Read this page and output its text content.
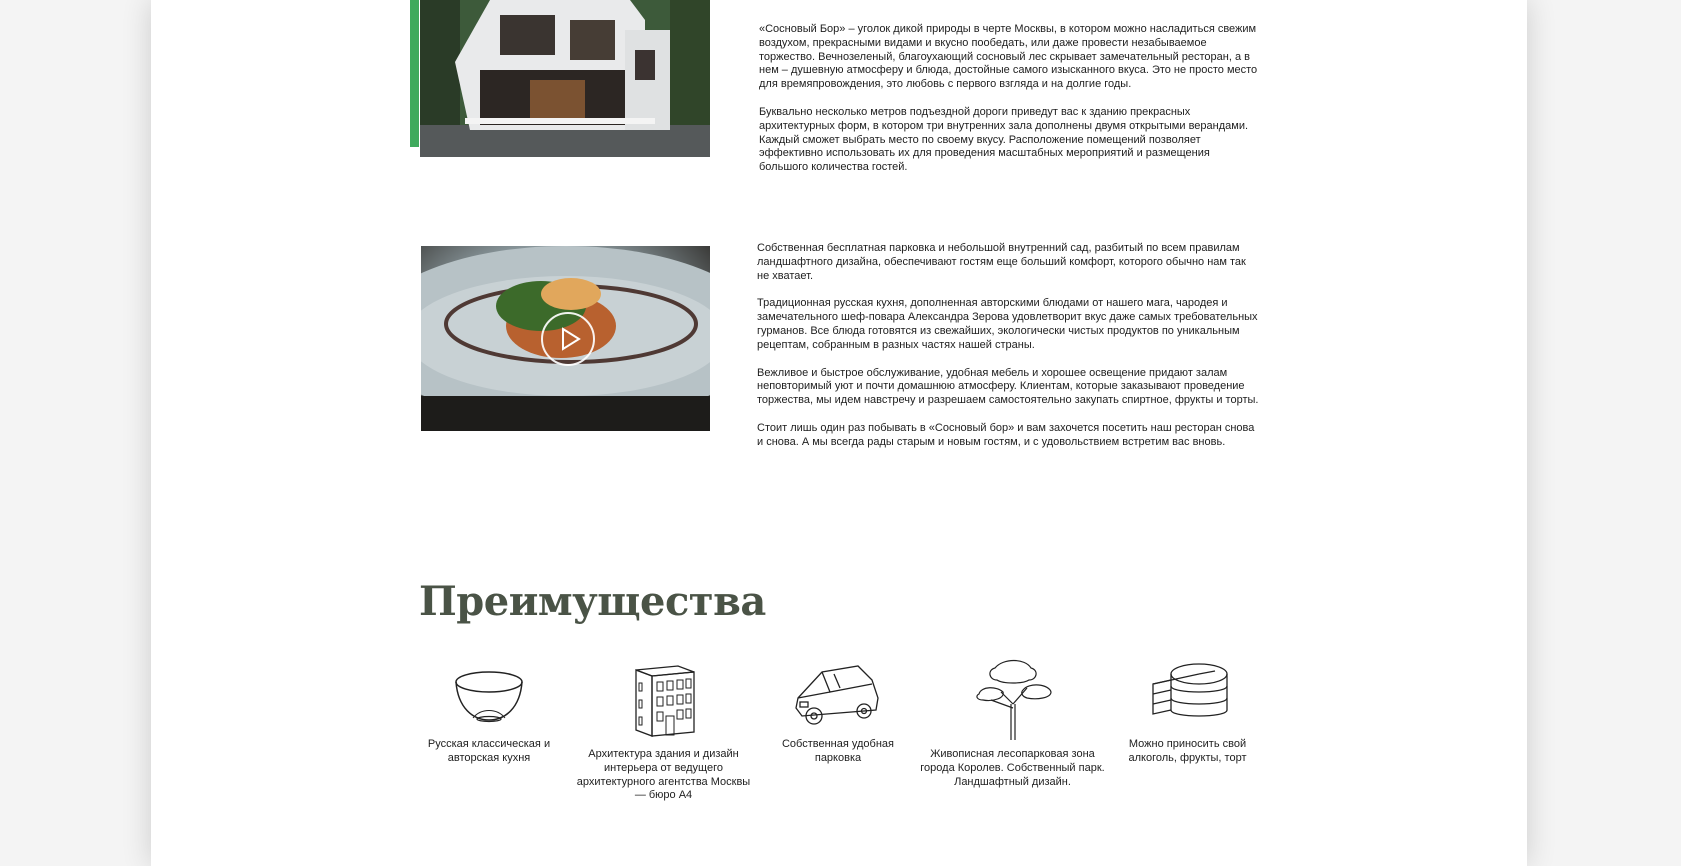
«Сосновый Бор» – уголок дикой природы в черте Москвы, в котором можно насладиться свежим воздухом, прекрасными видами и вкусно пообедать, или даже провести незабываемое торжество. Вечнозеленый, благоухающий сосновый лес скрывает замечательный ресторан, а в нем – душевную атмосферу и блюда, достойные самого изысканного вкуса. Это не просто место для времяпровождения, это любовь с первого взгляда и на долгие годы.

Буквально несколько метров подъездной дороги приведут вас к зданию прекрасных архитектурных форм, в котором три внутренних зала дополнены двумя открытыми верандами. Каждый сможет выбрать место по своему вкусу. Расположение помещений позволяет эффективно использовать их для проведения масштабных мероприятий и размещения большого количества гостей.

Собственная бесплатная парковка и небольшой внутренний сад, разбитый по всем правилам ландшафтного дизайна, обеспечивают гостям еще больший комфорт, которого обычно нам так не хватает.

Традиционная русская кухня, дополненная авторскими блюдами от нашего мага, чародея и замечательного шеф-повара Александра Зерова удовлетворит вкус даже самых требовательных гурманов. Все блюда готовятся из свежайших, экологически чистых продуктов по уникальным рецептам, собранным в разных частях нашей страны.

Вежливое и быстрое обслуживание, удобная мебель и хорошее освещение придают залам неповторимый уют и почти домашнюю атмосферу. Клиентам, которые заказывают проведение торжества, мы идем навстречу и разрешаем самостоятельно закупать спиртное, фрукты и торты.

Стоит лишь один раз побывать в «Сосновый бор» и вам захочется посетить наш ресторан снова и снова. А мы всегда рады старым и новым гостям, и с удовольствием встретим вас вновь.

Преимущества
Русская классическая и авторская кухня	Архитектура здания и дизайн интерьера от ведущего архитектурного агентства Москвы — бюро А4
Собственная удобная парковка	Живописная лесопарковая зона города Королев. Собственный парк. Ландшафтный дизайн.
Можно приносить свой алкоголь, фрукты, торт
